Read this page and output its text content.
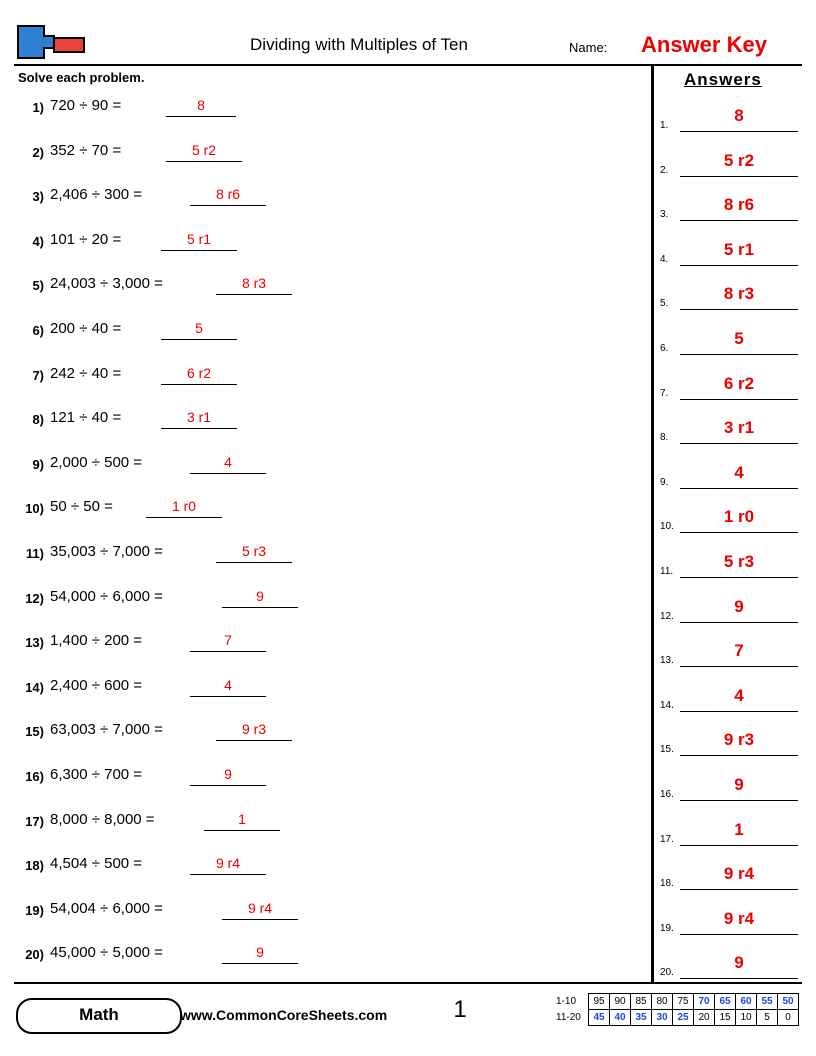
Dividing with Multiples of Ten	Name: Answer Key
Solve each problem.
1) 720 ÷ 90 =	8
2) 352 ÷ 70 =	5 r2
3) 2,406 ÷ 300 =	8 r6
4) 101 ÷ 20 =	5 r1
5) 24,003 ÷ 3,000 =	8 r3
6) 200 ÷ 40 =	5
7) 242 ÷ 40 =	6 r2
8) 121 ÷ 40 =	3 r1
9) 2,000 ÷ 500 =	4
10) 50 ÷ 50 =	1 r0
11) 35,003 ÷ 7,000 =	5 r3
12) 54,000 ÷ 6,000 =	9
13) 1,400 ÷ 200 =	7
14) 2,400 ÷ 600 =	4
15) 63,003 ÷ 7,000 =	9 r3
16) 6,300 ÷ 700 =	9
17) 8,000 ÷ 8,000 =	1
18) 4,504 ÷ 500 =	9 r4
19) 54,004 ÷ 6,000 =	9 r4
20) 45,000 ÷ 5,000 =	9
Answers
1.
8
2.
5 r2
3.
8 r6
4.
5 r1
5.
8 r3
6.
5
7.
6 r2
8.
3 r1
9.
4
10.
1 r0
11.
5 r3
12.
9
13.
7
14.
4
15.
9 r3
16.
9
17.
1
18.
9 r4
19.
9 r4
20.
9
Math	www.CommonCoreSheets.com	1	1-10	95	90	85	80	75	70	65	60	55	50
11-20	45	40	35	30	25	20	15	10	5	0
